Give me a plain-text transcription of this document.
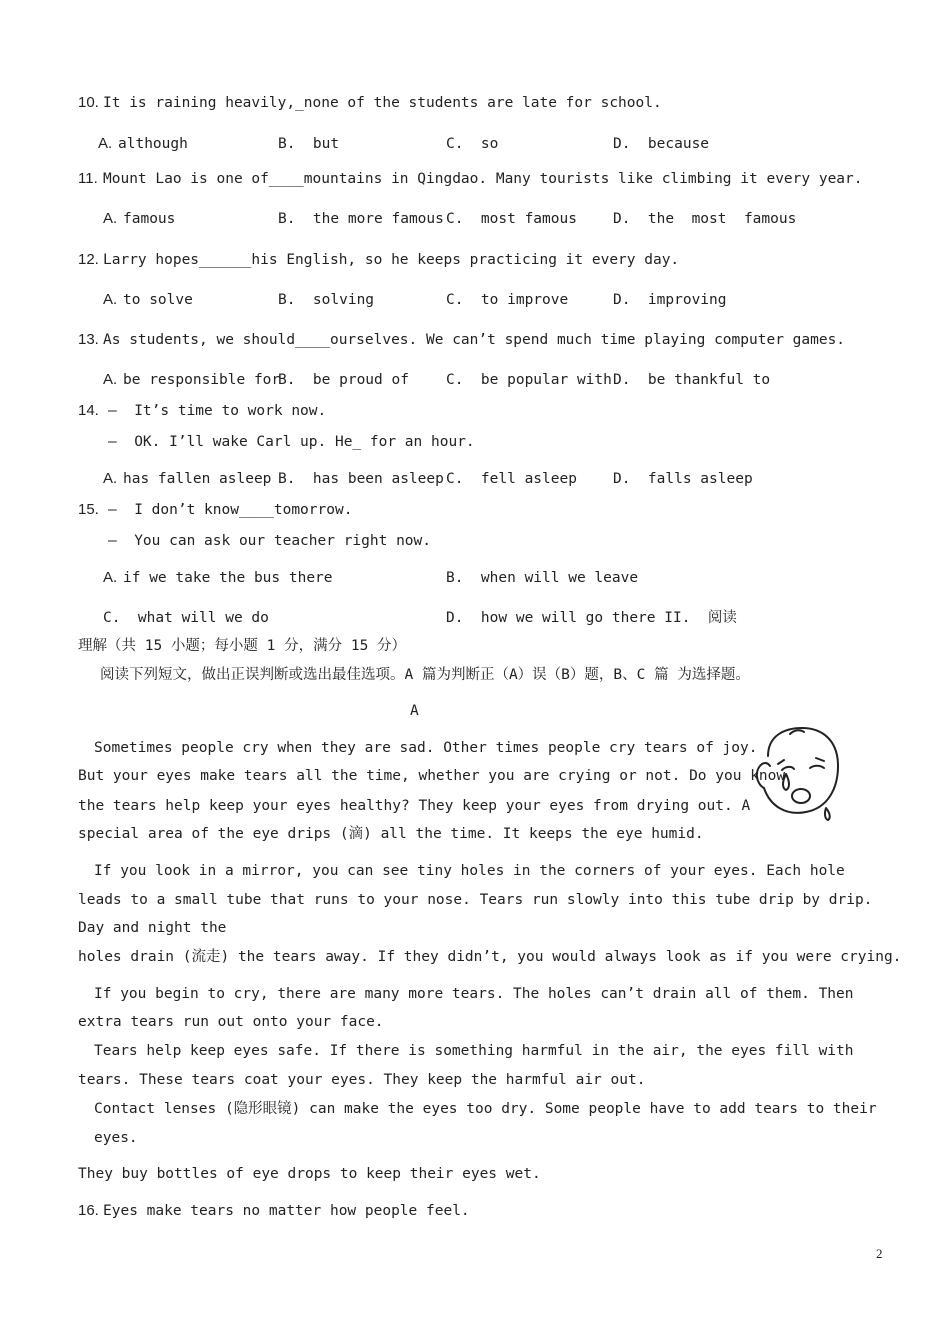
10. It is raining heavily,_none of the students are late for school.
A. although	B.  but	C.  so	D.  because
11. Mount Lao is one of____mountains in Qingdao. Many tourists like climbing it every year.
A. famous	B.  the more famous C.  most famous D.  the  most  famous
12. Larry hopes______his English, so he keeps practicing it every day.
A. to solve	B.  solving	C.  to improve	D.  improving
13. As students, we should____ourselves. We can’t spend much time playing computer games.
A. be responsible for
B.  be proud of	C.  be popular with D.  be thankful to
14. —  It’s time to work now.
—  OK. I’ll wake Carl up. He_ for an hour.
A. has fallen asleep B.  has been asleep C.  fell asleep D.  falls asleep
15. —  I don’t know____tomorrow.
—  You can ask our teacher right now.
A. if we take the bus there	B.  when will we leave
C.  what will we do	D.  how we will go there II.  阅读
理解（共 15 小题；每小题 1 分，满分 15 分）
阅读下列短文，做出正误判断或选出最佳选项。A 篇为判断正（A）误（B）题，B、C 篇 为选择题。
A
Sometimes people cry when they are sad. Other times people cry tears of joy.
But your eyes make tears all the time, whether you are crying or not. Do you know
the tears help keep your eyes healthy? They keep your eyes from drying out. A
special area of the eye drips (滴) all the time. It keeps the eye humid.
If you look in a mirror, you can see tiny holes in the corners of your eyes. Each hole
leads to a small tube that runs to your nose. Tears run slowly into this tube drip by drip.
Day and night the
holes drain (流走) the tears away. If they didn’t, you would always look as if you were crying.
If you begin to cry, there are many more tears. The holes can’t drain all of them. Then
extra tears run out onto your face.
Tears help keep eyes safe. If there is something harmful in the air, the eyes fill with
tears. These tears coat your eyes. They keep the harmful air out.
Contact lenses (隐形眼镜) can make the eyes too dry. Some people have to add tears to their
eyes.
They buy bottles of eye drops to keep their eyes wet.
16. Eyes make tears no matter how people feel.
2
